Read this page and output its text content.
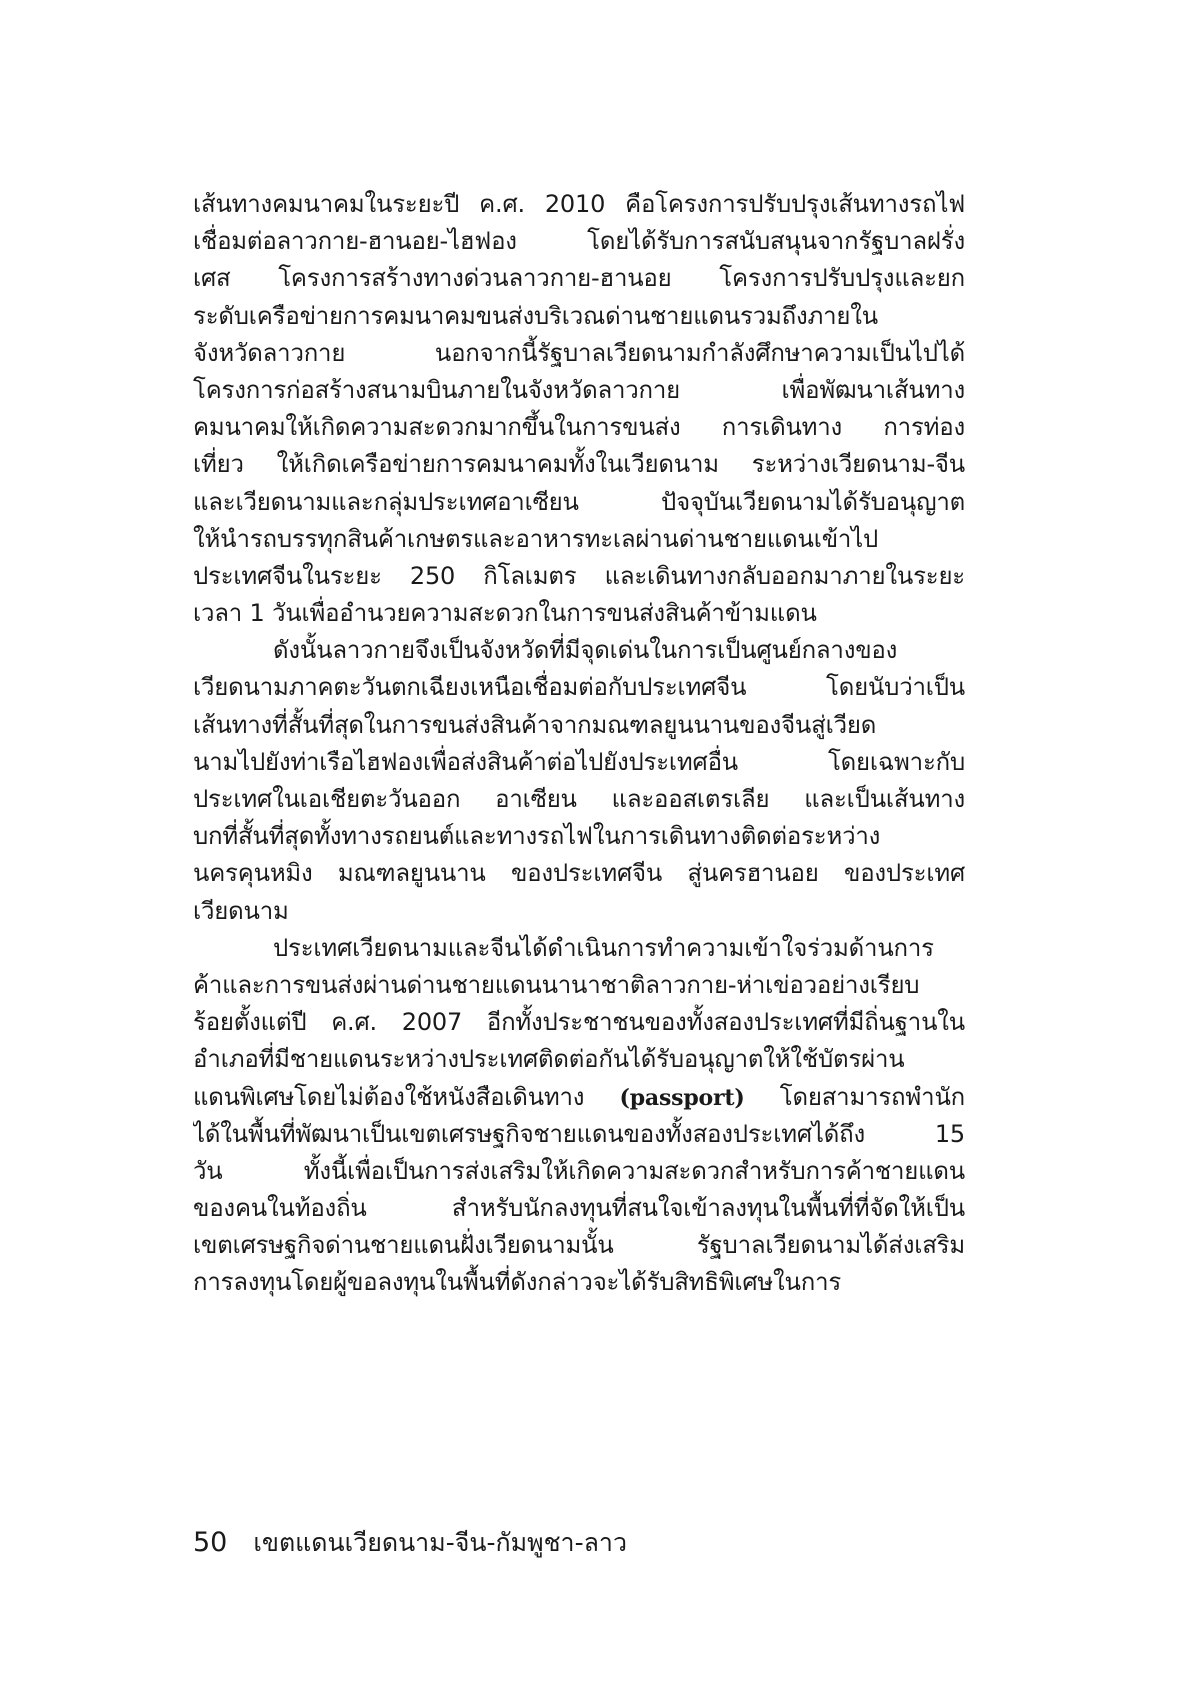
เส้นทางคมนาคมในระยะปี ค.ศ. 2010 คือโครงการปรับปรุงเส้นทางรถไฟ
เชื่อมต่อลาวกาย-ฮานอย-ไฮฟอง โดยได้รับการสนับสนุนจากรัฐบาลฝรั่ง
เศส โครงการสร้างทางด่วนลาวกาย-ฮานอย โครงการปรับปรุงและยก
ระดับเครือข่ายการคมนาคมขนส่งบริเวณด่านชายแดนรวมถึงภายใน
จังหวัดลาวกาย นอกจากนี้รัฐบาลเวียดนามกำลังศึกษาความเป็นไปได้
โครงการก่อสร้างสนามบินภายในจังหวัดลาวกาย เพื่อพัฒนาเส้นทาง
คมนาคมให้เกิดความสะดวกมากขึ้นในการขนส่ง การเดินทาง การท่อง
เที่ยว ให้เกิดเครือข่ายการคมนาคมทั้งในเวียดนาม ระหว่างเวียดนาม-จีน
และเวียดนามและกลุ่มประเทศอาเซียน ปัจจุบันเวียดนามได้รับอนุญาต
ให้นำรถบรรทุกสินค้าเกษตรและอาหารทะเลผ่านด่านชายแดนเข้าไป
ประเทศจีนในระยะ 250 กิโลเมตร และเดินทางกลับออกมาภายในระยะ
เวลา 1 วันเพื่ออำนวยความสะดวกในการขนส่งสินค้าข้ามแดน
ดังนั้นลาวกายจึงเป็นจังหวัดที่มีจุดเด่นในการเป็นศูนย์กลางของ
เวียดนามภาคตะวันตกเฉียงเหนือเชื่อมต่อกับประเทศจีน โดยนับว่าเป็น
เส้นทางที่สั้นที่สุดในการขนส่งสินค้าจากมณฑลยูนนานของจีนสู่เวียด
นามไปยังท่าเรือไฮฟองเพื่อส่งสินค้าต่อไปยังประเทศอื่น โดยเฉพาะกับ
ประเทศในเอเชียตะวันออก อาเซียน และออสเตรเลีย และเป็นเส้นทาง
บกที่สั้นที่สุดทั้งทางรถยนต์และทางรถไฟในการเดินทางติดต่อระหว่าง
นครคุนหมิง มณฑลยูนนาน ของประเทศจีน สู่นครฮานอย ของประเทศ
เวียดนาม
ประเทศเวียดนามและจีนได้ดำเนินการทำความเข้าใจร่วมด้านการ
ค้าและการขนส่งผ่านด่านชายแดนนานาชาติลาวกาย-ห่าเข่อวอย่างเรียบ
ร้อยตั้งแต่ปี ค.ศ. 2007 อีกทั้งประชาชนของทั้งสองประเทศที่มีถิ่นฐานใน
อำเภอที่มีชายแดนระหว่างประเทศติดต่อกันได้รับอนุญาตให้ใช้บัตรผ่าน
แดนพิเศษโดยไม่ต้องใช้หนังสือเดินทาง (passport) โดยสามารถพำนัก
ได้ในพื้นที่พัฒนาเป็นเขตเศรษฐกิจชายแดนของทั้งสองประเทศได้ถึง 15
วัน ทั้งนี้เพื่อเป็นการส่งเสริมให้เกิดความสะดวกสำหรับการค้าชายแดน
ของคนในท้องถิ่น สำหรับนักลงทุนที่สนใจเข้าลงทุนในพื้นที่ที่จัดให้เป็น
เขตเศรษฐกิจด่านชายแดนฝั่งเวียดนามนั้น รัฐบาลเวียดนามได้ส่งเสริม
การลงทุนโดยผู้ขอลงทุนในพื้นที่ดังกล่าวจะได้รับสิทธิพิเศษในการ
50 เขตแดนเวียดนาม-จีน-กัมพูชา-ลาว
